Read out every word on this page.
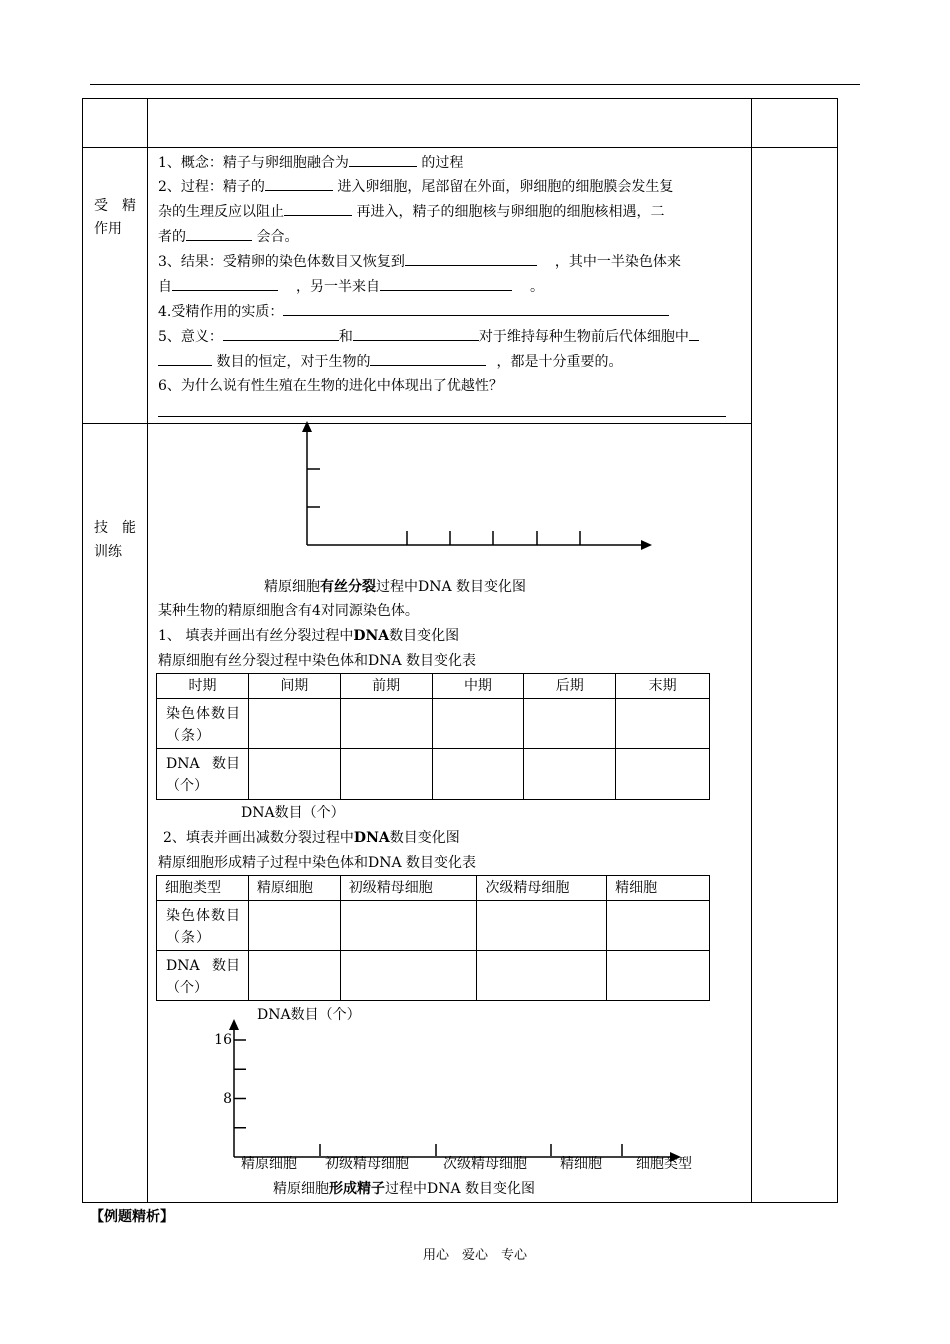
受　精
作用
技　能
训练
1、概念：精子与卵细胞融合为	的过程
2、过程：精子的	进入卵细胞，尾部留在外面，卵细胞的细胞膜会发生复
杂的生理反应以阻止	再进入，精子的细胞核与卵细胞的细胞核相遇，二
者的	会合。
3、结果：受精卵的染色体数目又恢复到	，其中一半染色体来
自	，另一半来自	。
4.受精作用的实质：
5、意义：	和	对于维持每种生物前后代体细胞中
数目的恒定，对于生物的	，都是十分重要的。
6、为什么说有性生殖在生物的进化中体现出了优越性？
精原细胞有丝分裂过程中DNA 数目变化图
某种生物的精原细胞含有4对同源染色体。
1、 填表并画出有丝分裂过程中DNA数目变化图
精原细胞有丝分裂过程中染色体和DNA 数目变化表
时期	间期	前期	中期	后期	末期
染色体数目（条）					
DNA 数目（个）					
DNA数目（个）
2、填表并画出减数分裂过程中DNA数目变化图
精原细胞形成精子过程中染色体和DNA 数目变化表
细胞类型	精原细胞	初级精母细胞	次级精母细胞	精细胞
染色体数目（条）				
DNA 数目（个）				
DNA数目（个）
8
16
精原细胞 初级精母细胞 次级精母细胞 精细胞 细胞类型
精原细胞形成精子过程中DNA 数目变化图
【例题精析】
用心　爱心　专心
